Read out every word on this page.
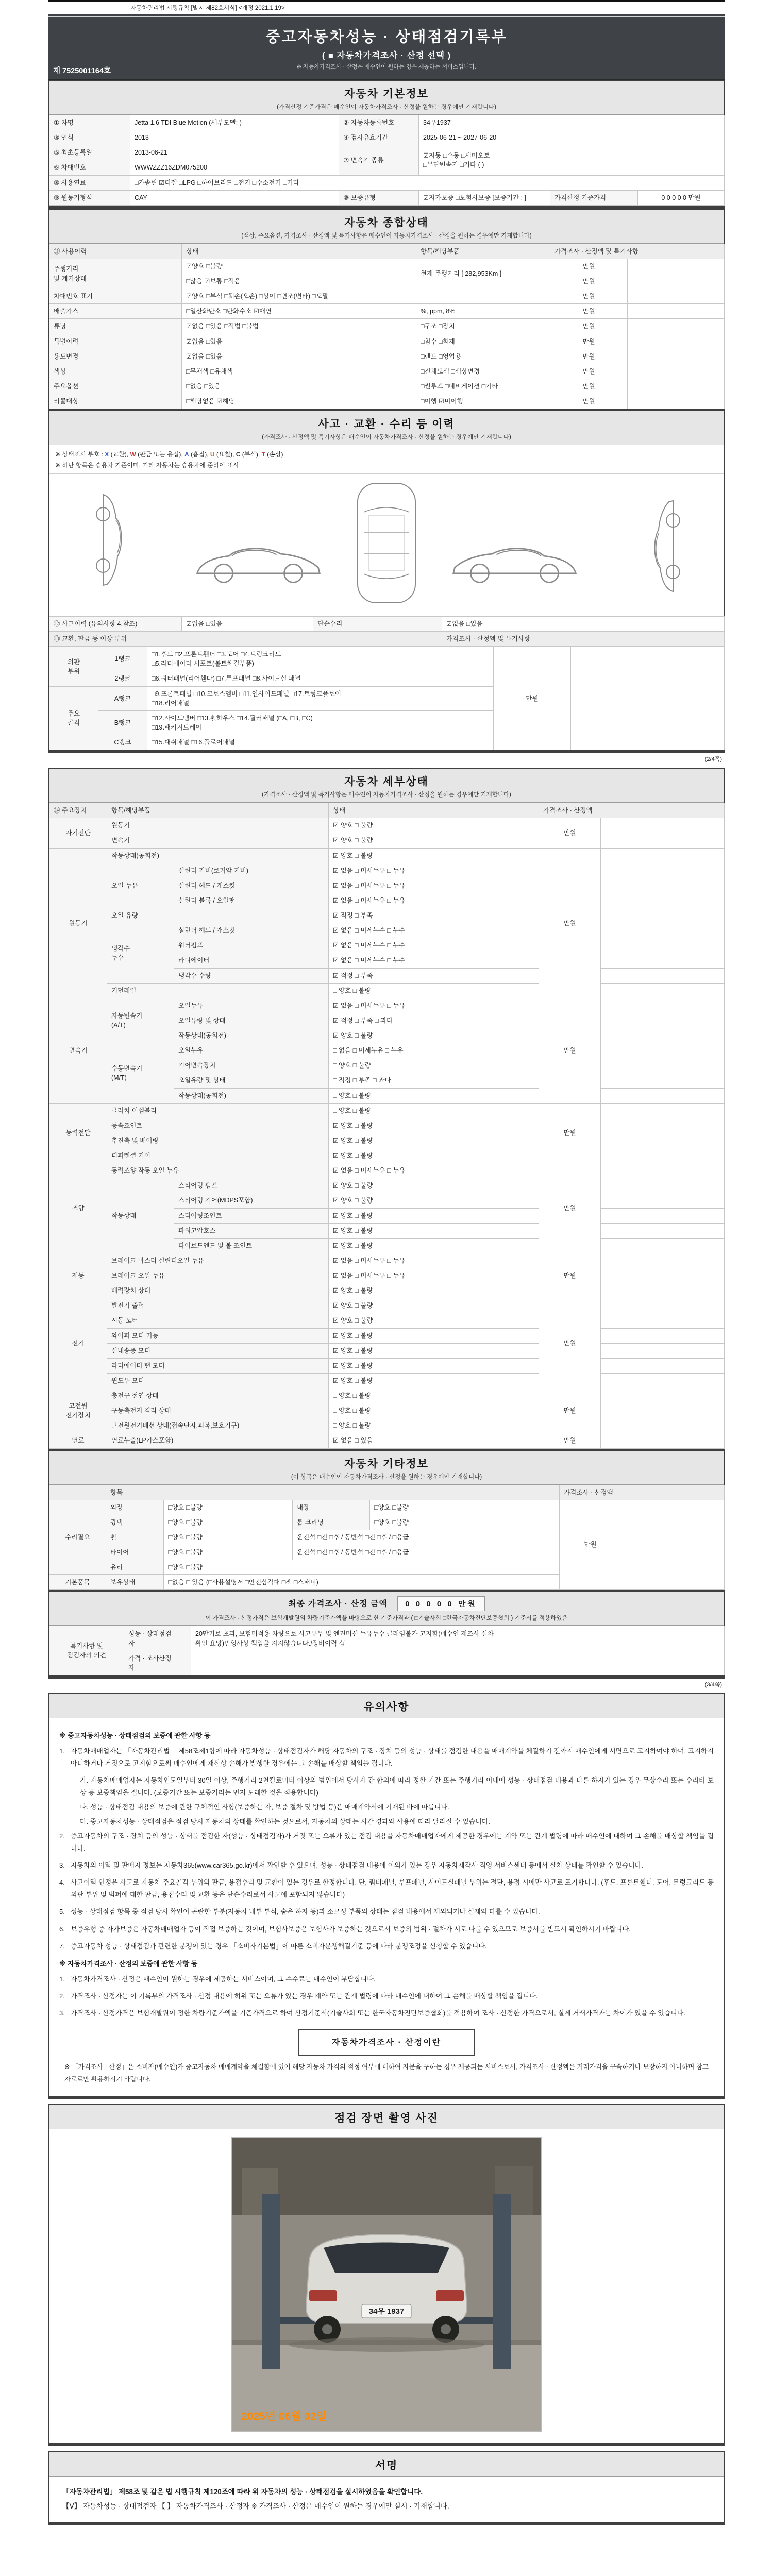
자동차관리법 시행규칙 [별지 제82호서식] <개정 2021.1.19>
중고자동차성능 · 상태점검기록부
( ■ 자동차가격조사 · 산정 선택 )
※ 자동차가격조사 · 산정은 매수인이 원하는 경우 제공하는 서비스입니다.
제 7525001164호
자동차 기본정보
(가격산정 기준가격은 매수인이 자동차가격조사 · 산정을 원하는 경우에만 기재합니다)
① 차명	Jetta 1.6 TDI Blue Motion (세부모델: )	② 자동차등록번호	34우1937		
③ 연식	2013	④ 검사유효기간	2025-06-21 ~ 2027-06-20		
⑤ 최초등록일	2013-06-21	⑦ 변속기 종류	☑자동 □수동 □세미오토
□무단변속기 □기타 ( )		
⑥ 차대번호	WWWZZZ16ZDM075200				
⑧ 사용연료	□가솔린 ☑디젤 □LPG □하이브리드 □전기 □수소전기 □기타				
⑨ 원동기형식	CAY	⑩ 보증유형	☑자가보증 □보험사보증 [보증기간 : ]	가격산정 기준가격	0 0 0 0 0 만원
자동차 종합상태
(색상, 주요옵션, 가격조사 · 산정액 및 특기사항은 매수인이 자동차가격조사 · 산정을 원하는 경우에만 기재합니다)
⑪ 사용이력	상태	항목/해당부품	가격조사 · 산정액 및 특기사항	
주행거리
및 계기상태	☑양호 □불량	현재 주행거리 [ 282,953Km ]	만원	
	□많음 ☑보통 □적음		만원	
차대번호 표기	☑양호 □부식 □훼손(오손) □상이 □변조(변타) □도말		만원	
배출가스	□일산화탄소 □탄화수소 ☑매연	%, ppm, 8%	만원	
튜닝	☑없음 □있음 □적법 □불법	□구조 □장치	만원	
특별이력	☑없음 □있음	□침수 □화재	만원	
용도변경	☑없음 □있음	□렌트 □영업용	만원	
색상	□무채색 □유채색	□전체도색 □색상변경	만원	
주요옵션	□없음 □있음	□썬루프 □네비게이션 □기타	만원	
리콜대상	□해당없음 ☑해당	□이행 ☑미이행	만원	
사고 · 교환 · 수리 등 이력
(가격조사 · 산정액 및 특기사항은 매수인이 자동차가격조사 · 산정을 원하는 경우에만 기재합니다)
※ 상태표시 부호 : X (교환), W (판금 또는 용접), A (흠집), U (요철), C (부식), T (손상)
※ 하단 항목은 승용차 기준이며, 기타 자동차는 승용차에 준하여 표시
⑫ 사고이력 (유의사항 4.참조)	☑없음 □있음	단순수리	☑없음 □있음
⑬ 교환, 판금 등 이상 부위			가격조사 · 산정액 및 특기사항
외판
부위	1랭크	□1.후드 □2.프론트휀더 □3.도어 □4.트렁크리드
□5.라디에이터 서포트(볼트체결부품)	만원	
	2랭크	□6.쿼터패널(리어휀다) □7.루프패널 □8.사이드실 패널		
주요
골격	A랭크	□9.프론트패널 □10.크로스멤버 □11.인사이드패널 □17.트렁크플로어
□18.리어패널		
	B랭크	□12.사이드멤버 □13.휠하우스 □14.필러패널 (□A, □B, □C)
□19.패키지트레이		
	C랭크	□15.대쉬패널 □16.플로어패널		
(2/4쪽)
자동차 세부상태
(가격조사 · 산정액 및 특기사항은 매수인이 자동차가격조사 · 산정을 원하는 경우에만 기재합니다)
⑭ 주요장치	항목/해당부품		상태	가격조사 · 산정액	
자기진단	원동기		☑ 양호 □ 불량	만원	
	변속기		☑ 양호 □ 불량		
원동기	작동상태(공회전)		☑ 양호 □ 불량	만원	
	오일 누유	실린더 커버(로커암 커버)	☑ 없음 □ 미세누유 □ 누유		
		실린더 헤드 / 개스킷	☑ 없음 □ 미세누유 □ 누유		
		실린더 블록 / 오일팬	☑ 없음 □ 미세누유 □ 누유		
	오일 유량		☑ 적정 □ 부족		
	냉각수
누수	실린더 헤드 / 개스킷	☑ 없음 □ 미세누수 □ 누수		
		워터펌프	☑ 없음 □ 미세누수 □ 누수		
		라디에이터	☑ 없음 □ 미세누수 □ 누수		
		냉각수 수량	☑ 적정 □ 부족		
	커먼레일		□ 양호 □ 불량		
변속기	자동변속기
(A/T)	오일누유	☑ 없음 □ 미세누유 □ 누유	만원	
		오일유량 및 상태	☑ 적정 □ 부족 □ 과다		
		작동상태(공회전)	☑ 양호 □ 불량		
	수동변속기
(M/T)	오일누유	□ 없음 □ 미세누유 □ 누유		
		기어변속장치	□ 양호 □ 불량		
		오일유량 및 상태	□ 적정 □ 부족 □ 과다		
		작동상태(공회전)	□ 양호 □ 불량		
동력전달	클러치 어셈블리		□ 양호 □ 불량	만원	
	등속죠인트		☑ 양호 □ 불량		
	추진축 및 베어링		☑ 양호 □ 불량		
	디퍼렌셜 기어		☑ 양호 □ 불량		
조향	동력조향 작동 오일 누유		☑ 없음 □ 미세누유 □ 누유	만원	
	작동상태	스티어링 펌프	☑ 양호 □ 불량		
		스티어링 기어(MDPS포함)	☑ 양호 □ 불량		
		스티어링조인트	☑ 양호 □ 불량		
		파워고압호스	☑ 양호 □ 불량		
		타이로드엔드 및 볼 조인트	☑ 양호 □ 불량		
제동	브레이크 마스터 실린더오일 누유		☑ 없음 □ 미세누유 □ 누유	만원	
	브레이크 오일 누유		☑ 없음 □ 미세누유 □ 누유		
	배력장치 상태		☑ 양호 □ 불량		
전기	발전기 출력		☑ 양호 □ 불량	만원	
	시동 모터		☑ 양호 □ 불량		
	와이퍼 모터 기능		☑ 양호 □ 불량		
	실내송풍 모터		☑ 양호 □ 불량		
	라디에이터 팬 모터		☑ 양호 □ 불량		
	윈도우 모터		☑ 양호 □ 불량		
고전원
전기장치	충전구 절연 상태		□ 양호 □ 불량	만원	
	구동축전지 격리 상태		□ 양호 □ 불량		
	고전원전기배선 상태(접속단자,피복,보호기구)		□ 양호 □ 불량		
연료	연료누출(LP가스포함)		☑ 없음 □ 있음	만원	
자동차 기타정보
(이 항목은 매수인이 자동차가격조사 · 산정을 원하는 경우에만 기재합니다)
	항목				가격조사 · 산정액	
수리필요	외장	□양호 □불량	내장	□양호 □불량	만원	
	광택	□양호 □불량	룸 크리닝	□양호 □불량		
	휠	□양호 □불량	운전석 □전 □후 / 동반석 □전 □후 / □응급			
	타이어	□양호 □불량	운전석 □전 □후 / 동반석 □전 □후 / □응급			
	유리	□양호 □불량				
기본품목	보유상태	□없음 □ 있음 (□사용설명서 □안전삼각대 □잭 □스패너)				
최종 가격조사 · 산정 금액 0 0 0 0 0 만원
이 가격조사 · 산정가격은 보험개발원의 차량기준가액을 바탕으로 한 기준가격과 ( □기술사회 □한국자동차진단보증협회 ) 기준서를 적용하였음
특기사항 및
점검자의 의견	성능 · 상태점검
자	20만키로 초과, 보험미적용 차량으로 사고유무 및 엔진미션 누유누수 클레임불가 고지함(매수인 제조사 실차
확인 요망)민형사상 책임을 지지않습니다./정비이력 有
	가격 · 조사산정
자	
(3/4쪽)
유의사항
※ 중고자동차성능 · 상태점검의 보증에 관한 사항 등
1. 자동차매매업자는 「자동차관리법」 제58조제1항에 따라 자동차성능 · 상태점검자가 해당 자동차의 구조 · 장치 등의 성능 · 상태를 점검한 내용을 매매계약을 체결하기 전까지 매수인에게 서면으로 고지하여야 하며, 고지하지 아니하거나 거짓으로 고지함으로써 매수인에게 재산상 손해가 발생한 경우에는 그 손해를 배상할 책임을 집니다.
가. 자동차매매업자는 자동차인도일부터 30일 이상, 주행거리 2천킬로미터 이상의 범위에서 당사자 간 합의에 따라 정한 기간 또는 주행거리 이내에 성능 · 상태점검 내용과 다른 하자가 있는 경우 무상수리 또는 수리비 보상 등 보증책임을 집니다. (보증기간 또는 보증거리는 먼저 도래한 것을 적용합니다)
나. 성능 · 상태점검 내용의 보증에 관한 구체적인 사항(보증하는 자, 보증 절차 및 방법 등)은 매매계약서에 기재된 바에 따릅니다.
다. 중고자동차성능 · 상태점검은 점검 당시 자동차의 상태를 확인하는 것으로서, 자동차의 상태는 시간 경과와 사용에 따라 달라질 수 있습니다.
2. 중고자동차의 구조 · 장치 등의 성능 · 상태를 점검한 자(성능 · 상태점검자)가 거짓 또는 오류가 있는 점검 내용을 자동차매매업자에게 제공한 경우에는 계약 또는 관계 법령에 따라 매수인에 대하여 그 손해를 배상할 책임을 집니다.
3. 자동차의 이력 및 판매자 정보는 자동차365(www.car365.go.kr)에서 확인할 수 있으며, 성능 · 상태점검 내용에 이의가 있는 경우 자동차제작사 직영 서비스센터 등에서 실차 상태를 확인할 수 있습니다.
4. 사고이력 인정은 사고로 자동차 주요골격 부위의 판금, 용접수리 및 교환이 있는 경우로 한정합니다. 단, 쿼터패널, 루프패널, 사이드실패널 부위는 절단, 용접 시에만 사고로 표기합니다. (후드, 프론트휀더, 도어, 트렁크리드 등 외판 부위 및 범퍼에 대한 판금, 용접수리 및 교환 등은 단순수리로서 사고에 포함되지 않습니다)
5. 성능 · 상태점검 항목 중 점검 당시 확인이 곤란한 부분(자동차 내부 부식, 숨은 하자 등)과 소모성 부품의 상태는 점검 내용에서 제외되거나 실제와 다를 수 있습니다.
6. 보증유형 중 자가보증은 자동차매매업자 등이 직접 보증하는 것이며, 보험사보증은 보험사가 보증하는 것으로서 보증의 범위 · 절차가 서로 다를 수 있으므로 보증서를 반드시 확인하시기 바랍니다.
7. 중고자동차 성능 · 상태점검과 관련한 분쟁이 있는 경우 「소비자기본법」에 따른 소비자분쟁해결기준 등에 따라 분쟁조정을 신청할 수 있습니다.
※ 자동차가격조사 · 산정의 보증에 관한 사항 등
1. 자동차가격조사 · 산정은 매수인이 원하는 경우에 제공하는 서비스이며, 그 수수료는 매수인이 부담합니다.
2. 가격조사 · 산정자는 이 기록부의 가격조사 · 산정 내용에 허위 또는 오류가 있는 경우 계약 또는 관계 법령에 따라 매수인에 대하여 그 손해를 배상할 책임을 집니다.
3. 가격조사 · 산정가격은 보험개발원이 정한 차량기준가액을 기준가격으로 하여 산정기준서(기술사회 또는 한국자동차진단보증협회)를 적용하여 조사 · 산정한 가격으로서, 실제 거래가격과는 차이가 있을 수 있습니다.
자동차가격조사 · 산정이란
※ 「가격조사 · 산정」은 소비자(매수인)가 중고자동차 매매계약을 체결함에 있어 해당 자동차 가격의 적정 여부에 대하여 자문을 구하는 경우 제공되는 서비스로서, 가격조사 · 산정액은 거래가격을 구속하거나 보장하지 아니하며 참고자료로만 활용하시기 바랍니다.
점검 장면 촬영 사진
34우 1937
2025년 06월 02일
서명
「자동차관리법」 제58조 및 같은 법 시행규칙 제120조에 따라 위 자동차의 성능 · 상태점검을 실시하였음을 확인합니다.
【Ⅴ】 자동차성능 · 상태점검자 【 】 자동차가격조사 · 산정자 ※ 가격조사 · 산정은 매수인이 원하는 경우에만 실시 · 기재합니다.
